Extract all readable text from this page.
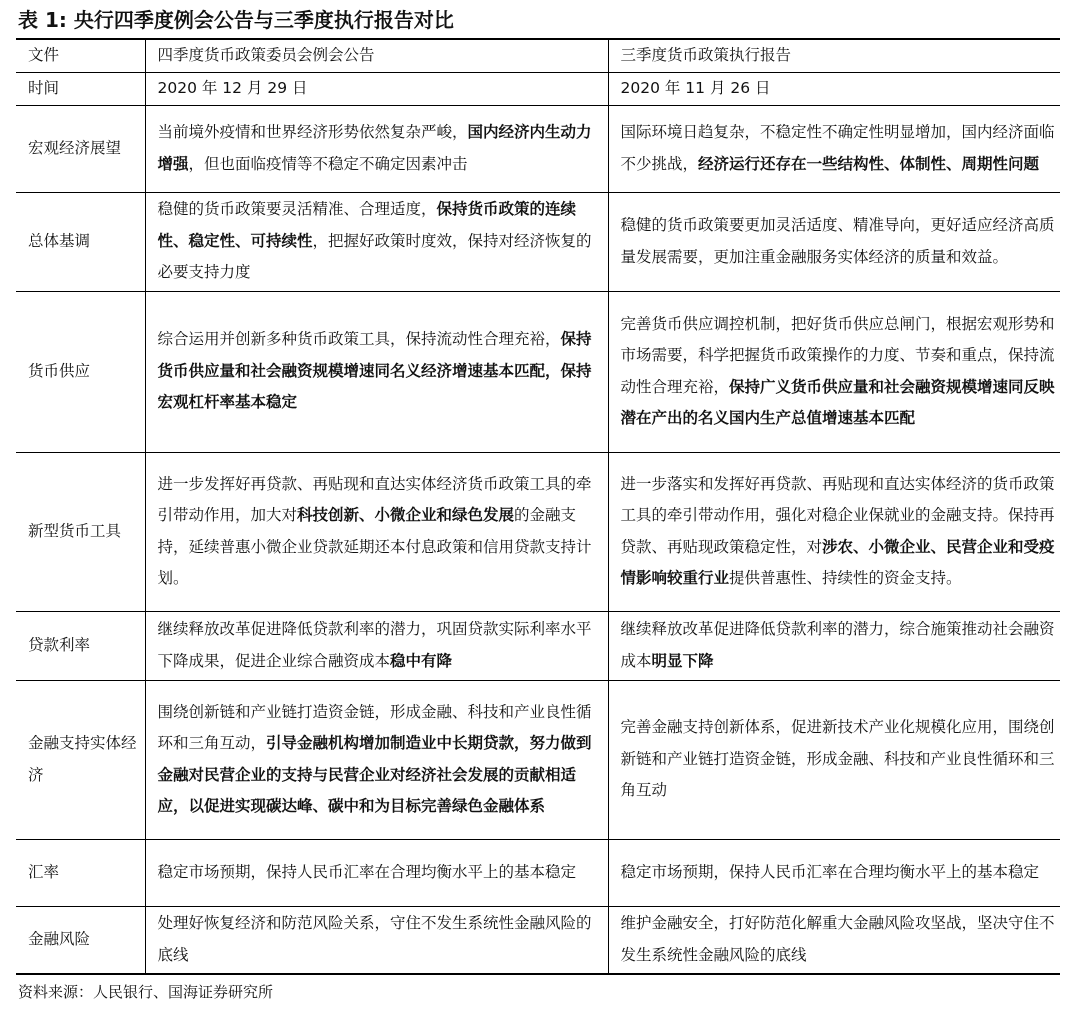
表 1: 央行四季度例会公告与三季度执行报告对比
文件	四季度货币政策委员会例会公告	三季度货币政策执行报告
时间	2020 年 12 月 29 日	2020 年 11 月 26 日
宏观经济展望	当前境外疫情和世界经济形势依然复杂严峻，国内经济内生动力增强，但也面临疫情等不稳定不确定因素冲击	国际环境日趋复杂，不稳定性不确定性明显增加，国内经济面临不少挑战，经济运行还存在一些结构性、体制性、周期性问题
总体基调	稳健的货币政策要灵活精准、合理适度，保持货币政策的连续性、稳定性、可持续性，把握好政策时度效，保持对经济恢复的必要支持力度	稳健的货币政策要更加灵活适度、精准导向，更好适应经济高质量发展需要，更加注重金融服务实体经济的质量和效益。
货币供应	综合运用并创新多种货币政策工具，保持流动性合理充裕，保持货币供应量和社会融资规模增速同名义经济增速基本匹配，保持宏观杠杆率基本稳定	完善货币供应调控机制，把好货币供应总闸门，根据宏观形势和市场需要，科学把握货币政策操作的力度、节奏和重点，保持流动性合理充裕，保持广义货币供应量和社会融资规模增速同反映潜在产出的名义国内生产总值增速基本匹配
新型货币工具	进一步发挥好再贷款、再贴现和直达实体经济货币政策工具的牵引带动作用，加大对科技创新、小微企业和绿色发展的金融支持，延续普惠小微企业贷款延期还本付息政策和信用贷款支持计划。	进一步落实和发挥好再贷款、再贴现和直达实体经济的货币政策工具的牵引带动作用，强化对稳企业保就业的金融支持。保持再贷款、再贴现政策稳定性，对涉农、小微企业、民营企业和受疫情影响较重行业提供普惠性、持续性的资金支持。
贷款利率	继续释放改革促进降低贷款利率的潜力，巩固贷款实际利率水平下降成果，促进企业综合融资成本稳中有降	继续释放改革促进降低贷款利率的潜力，综合施策推动社会融资成本明显下降
金融支持实体经济	围绕创新链和产业链打造资金链，形成金融、科技和产业良性循环和三角互动，引导金融机构增加制造业中长期贷款，努力做到金融对民营企业的支持与民营企业对经济社会发展的贡献相适应，以促进实现碳达峰、碳中和为目标完善绿色金融体系	完善金融支持创新体系，促进新技术产业化规模化应用，围绕创新链和产业链打造资金链，形成金融、科技和产业良性循环和三角互动
汇率	稳定市场预期，保持人民币汇率在合理均衡水平上的基本稳定	稳定市场预期，保持人民币汇率在合理均衡水平上的基本稳定
金融风险	处理好恢复经济和防范风险关系，守住不发生系统性金融风险的底线	维护金融安全，打好防范化解重大金融风险攻坚战，坚决守住不发生系统性金融风险的底线
资料来源：人民银行、国海证券研究所
